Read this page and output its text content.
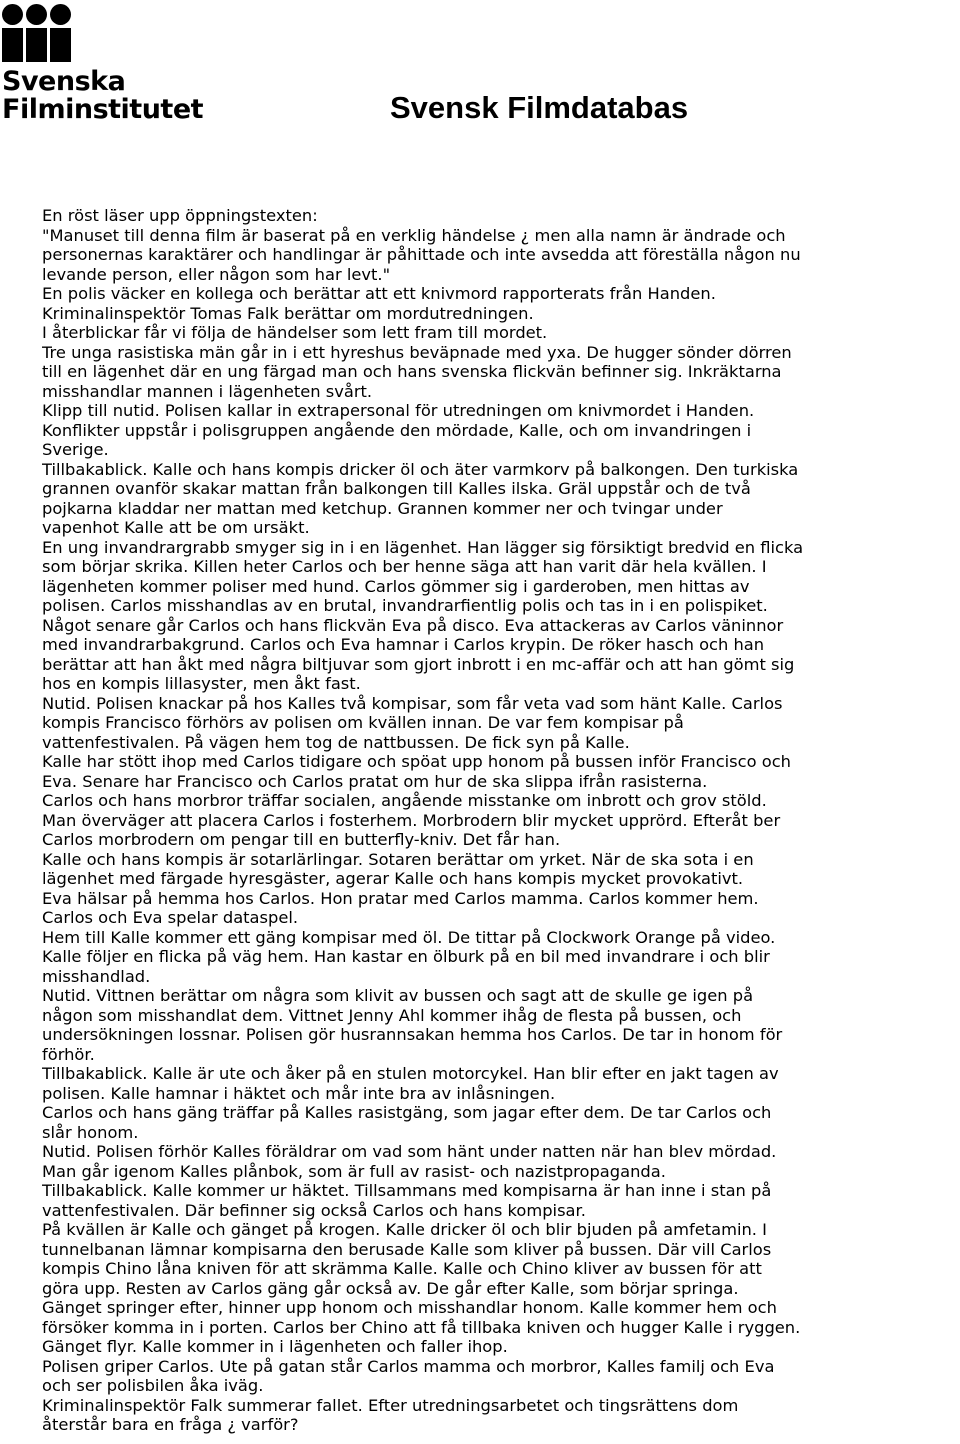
Svenska
Filminstitutet	Svensk Filmdatabas
En röst läser upp öppningstexten:
"Manuset till denna film är baserat på en verklig händelse ¿ men alla namn är ändrade och
personernas karaktärer och handlingar är påhittade och inte avsedda att föreställa någon nu
levande person, eller någon som har levt."
En polis väcker en kollega och berättar att ett knivmord rapporterats från Handen.
Kriminalinspektör Tomas Falk berättar om mordutredningen.
I återblickar får vi följa de händelser som lett fram till mordet.
Tre unga rasistiska män går in i ett hyreshus beväpnade med yxa. De hugger sönder dörren
till en lägenhet där en ung färgad man och hans svenska flickvän befinner sig. Inkräktarna
misshandlar mannen i lägenheten svårt.
Klipp till nutid. Polisen kallar in extrapersonal för utredningen om knivmordet i Handen.
Konflikter uppstår i polisgruppen angående den mördade, Kalle, och om invandringen i
Sverige.
Tillbakablick. Kalle och hans kompis dricker öl och äter varmkorv på balkongen. Den turkiska
grannen ovanför skakar mattan från balkongen till Kalles ilska. Gräl uppstår och de två
pojkarna kladdar ner mattan med ketchup. Grannen kommer ner och tvingar under
vapenhot Kalle att be om ursäkt.
En ung invandrargrabb smyger sig in i en lägenhet. Han lägger sig försiktigt bredvid en flicka
som börjar skrika. Killen heter Carlos och ber henne säga att han varit där hela kvällen. I
lägenheten kommer poliser med hund. Carlos gömmer sig i garderoben, men hittas av
polisen. Carlos misshandlas av en brutal, invandrarfientlig polis och tas in i en polispiket.
Något senare går Carlos och hans flickvän Eva på disco. Eva attackeras av Carlos väninnor
med invandrarbakgrund. Carlos och Eva hamnar i Carlos krypin. De röker hasch och han
berättar att han åkt med några biltjuvar som gjort inbrott i en mc-affär och att han gömt sig
hos en kompis lillasyster, men åkt fast.
Nutid. Polisen knackar på hos Kalles två kompisar, som får veta vad som hänt Kalle. Carlos
kompis Francisco förhörs av polisen om kvällen innan. De var fem kompisar på
vattenfestivalen. På vägen hem tog de nattbussen. De fick syn på Kalle.
Kalle har stött ihop med Carlos tidigare och spöat upp honom på bussen inför Francisco och
Eva. Senare har Francisco och Carlos pratat om hur de ska slippa ifrån rasisterna.
Carlos och hans morbror träffar socialen, angående misstanke om inbrott och grov stöld.
Man överväger att placera Carlos i fosterhem. Morbrodern blir mycket upprörd. Efteråt ber
Carlos morbrodern om pengar till en butterfly-kniv. Det får han.
Kalle och hans kompis är sotarlärlingar. Sotaren berättar om yrket. När de ska sota i en
lägenhet med färgade hyresgäster, agerar Kalle och hans kompis mycket provokativt.
Eva hälsar på hemma hos Carlos. Hon pratar med Carlos mamma. Carlos kommer hem.
Carlos och Eva spelar dataspel.
Hem till Kalle kommer ett gäng kompisar med öl. De tittar på Clockwork Orange på video.
Kalle följer en flicka på väg hem. Han kastar en ölburk på en bil med invandrare i och blir
misshandlad.
Nutid. Vittnen berättar om några som klivit av bussen och sagt att de skulle ge igen på
någon som misshandlat dem. Vittnet Jenny Ahl kommer ihåg de flesta på bussen, och
undersökningen lossnar. Polisen gör husrannsakan hemma hos Carlos. De tar in honom för
förhör.
Tillbakablick. Kalle är ute och åker på en stulen motorcykel. Han blir efter en jakt tagen av
polisen. Kalle hamnar i häktet och mår inte bra av inlåsningen.
Carlos och hans gäng träffar på Kalles rasistgäng, som jagar efter dem. De tar Carlos och
slår honom.
Nutid. Polisen förhör Kalles föräldrar om vad som hänt under natten när han blev mördad.
Man går igenom Kalles plånbok, som är full av rasist- och nazistpropaganda.
Tillbakablick. Kalle kommer ur häktet. Tillsammans med kompisarna är han inne i stan på
vattenfestivalen. Där befinner sig också Carlos och hans kompisar.
På kvällen är Kalle och gänget på krogen. Kalle dricker öl och blir bjuden på amfetamin. I
tunnelbanan lämnar kompisarna den berusade Kalle som kliver på bussen. Där vill Carlos
kompis Chino låna kniven för att skrämma Kalle. Kalle och Chino kliver av bussen för att
göra upp. Resten av Carlos gäng går också av. De går efter Kalle, som börjar springa.
Gänget springer efter, hinner upp honom och misshandlar honom. Kalle kommer hem och
försöker komma in i porten. Carlos ber Chino att få tillbaka kniven och hugger Kalle i ryggen.
Gänget flyr. Kalle kommer in i lägenheten och faller ihop.
Polisen griper Carlos. Ute på gatan står Carlos mamma och morbror, Kalles familj och Eva
och ser polisbilen åka iväg.
Kriminalinspektör Falk summerar fallet. Efter utredningsarbetet och tingsrättens dom
återstår bara en fråga ¿ varför?
